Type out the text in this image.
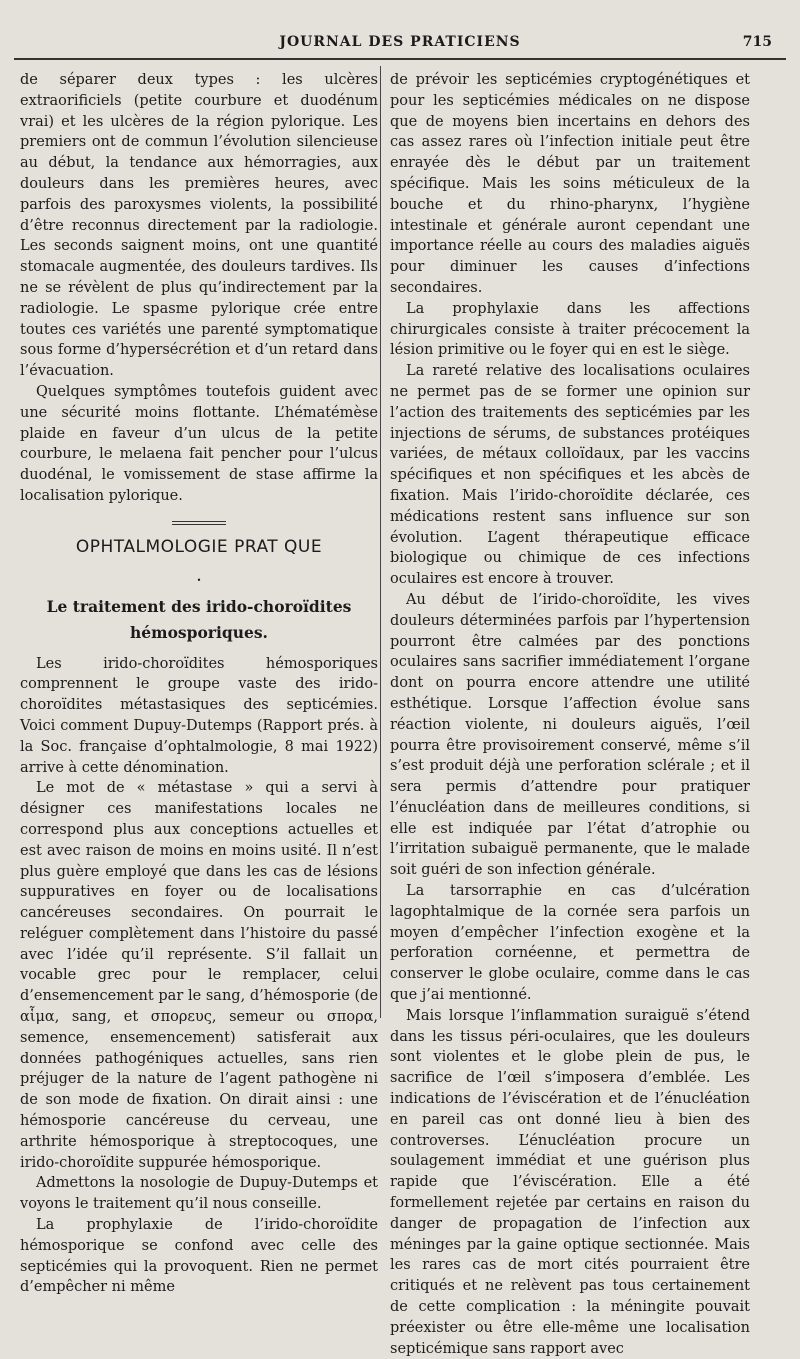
JOURNAL DES PRATICIENS	715

de séparer deux types : les ulcères extraorificiels (petite courbure et duodénum vrai) et les ulcères de la région pylorique. Les premiers ont de commun l’évolution silencieuse au début, la tendance aux hémorragies, aux douleurs dans les premières heures, avec parfois des paroxysmes violents, la possibilité d’être reconnus directement par la radiologie. Les seconds saignent moins, ont une quantité stomacale augmentée, des douleurs tardives. Ils ne se révèlent de plus qu’indirectement par la radiologie. Le spasme pylorique crée entre toutes ces variétés une parenté symptomatique sous forme d’hypersécrétion et d’un retard dans l’évacuation.

Quelques symptômes toutefois guident avec une sécurité moins flottante. L’hématémèse plaide en faveur d’un ulcus de la petite courbure, le melaena fait pencher pour l’ulcus duodénal, le vomissement de stase affirme la localisation pylorique.

OPHTALMOLOGIE PRAT QUE
•
Le traitement des irido-choroïdites
hémosporiques.

Les irido-choroïdites hémosporiques comprennent le groupe vaste des irido-choroïdites métastasiques des septicémies. Voici comment Dupuy-Dutemps (Rapport prés. à la Soc. française d’ophtalmologie, 8 mai 1922) arrive à cette dénomination.

Le mot de « métastase » qui a servi à désigner ces manifestations locales ne correspond plus aux conceptions actuelles et est avec raison de moins en moins usité. Il n’est plus guère employé que dans les cas de lésions suppuratives en foyer ou de localisations cancéreuses secondaires. On pourrait le reléguer complètement dans l’histoire du passé avec l’idée qu’il représente. S’il fallait un vocable grec pour le remplacer, celui d’ensemencement par le sang, d’hémosporie (de αἷμα, sang, et σπορευς, semeur ou σπορα, semence, ensemencement) satisferait aux données pathogéniques actuelles, sans rien préjuger de la nature de l’agent pathogène ni de son mode de fixation. On dirait ainsi : une hémosporie cancéreuse du cerveau, une arthrite hémosporique à streptocoques, une irido-choroïdite suppurée hémosporique.

Admettons la nosologie de Dupuy-Dutemps et voyons le traitement qu’il nous conseille.

La prophylaxie de l’irido-choroïdite hémosporique se confond avec celle des septicémies qui la provoquent. Rien ne permet d’empêcher ni même

de prévoir les septicémies cryptogénétiques et pour les septicémies médicales on ne dispose que de moyens bien incertains en dehors des cas assez rares où l’infection initiale peut être enrayée dès le début par un traitement spécifique. Mais les soins méticuleux de la bouche et du rhino-pharynx, l’hygiène intestinale et générale auront cependant une importance réelle au cours des maladies aiguës pour diminuer les causes d’infections secondaires.

La prophylaxie dans les affections chirurgicales consiste à traiter précocement la lésion primitive ou le foyer qui en est le siège.

La rareté relative des localisations oculaires ne permet pas de se former une opinion sur l’action des traitements des septicémies par les injections de sérums, de substances protéiques variées, de métaux colloïdaux, par les vaccins spécifiques et non spécifiques et les abcès de fixation. Mais l’irido-choroïdite déclarée, ces médications restent sans influence sur son évolution. L’agent thérapeutique efficace biologique ou chimique de ces infections oculaires est encore à trouver.

Au début de l’irido-choroïdite, les vives douleurs déterminées parfois par l’hypertension pourront être calmées par des ponctions oculaires sans sacrifier immédiatement l’organe dont on pourra encore attendre une utilité esthétique. Lorsque l’affection évolue sans réaction violente, ni douleurs aiguës, l’œil pourra être provisoirement conservé, même s’il s’est produit déjà une perforation sclérale ; et il sera permis d’attendre pour pratiquer l’énucléation dans de meilleures conditions, si elle est indiquée par l’état d’atrophie ou l’irritation subaiguë permanente, que le malade soit guéri de son infection générale.

La tarsorraphie en cas d’ulcération lagophtalmique de la cornée sera parfois un moyen d’empêcher l’infection exogène et la perforation cornéenne, et permettra de conserver le globe oculaire, comme dans le cas que j’ai mentionné.

Mais lorsque l’inflammation suraiguë s’étend dans les tissus péri-oculaires, que les douleurs sont violentes et le globe plein de pus, le sacrifice de l’œil s’imposera d’emblée. Les indications de l’éviscération et de l’énucléation en pareil cas ont donné lieu à bien des controverses. L’énucléation procure un soulagement immédiat et une guérison plus rapide que l’éviscération. Elle a été formellement rejetée par certains en raison du danger de propagation de l’infection aux méninges par la gaine optique sectionnée. Mais les rares cas de mort cités pourraient être critiqués et ne relèvent pas tous certainement de cette complication : la méningite pouvait préexister ou être elle-même une localisation septicémique sans rapport avec
